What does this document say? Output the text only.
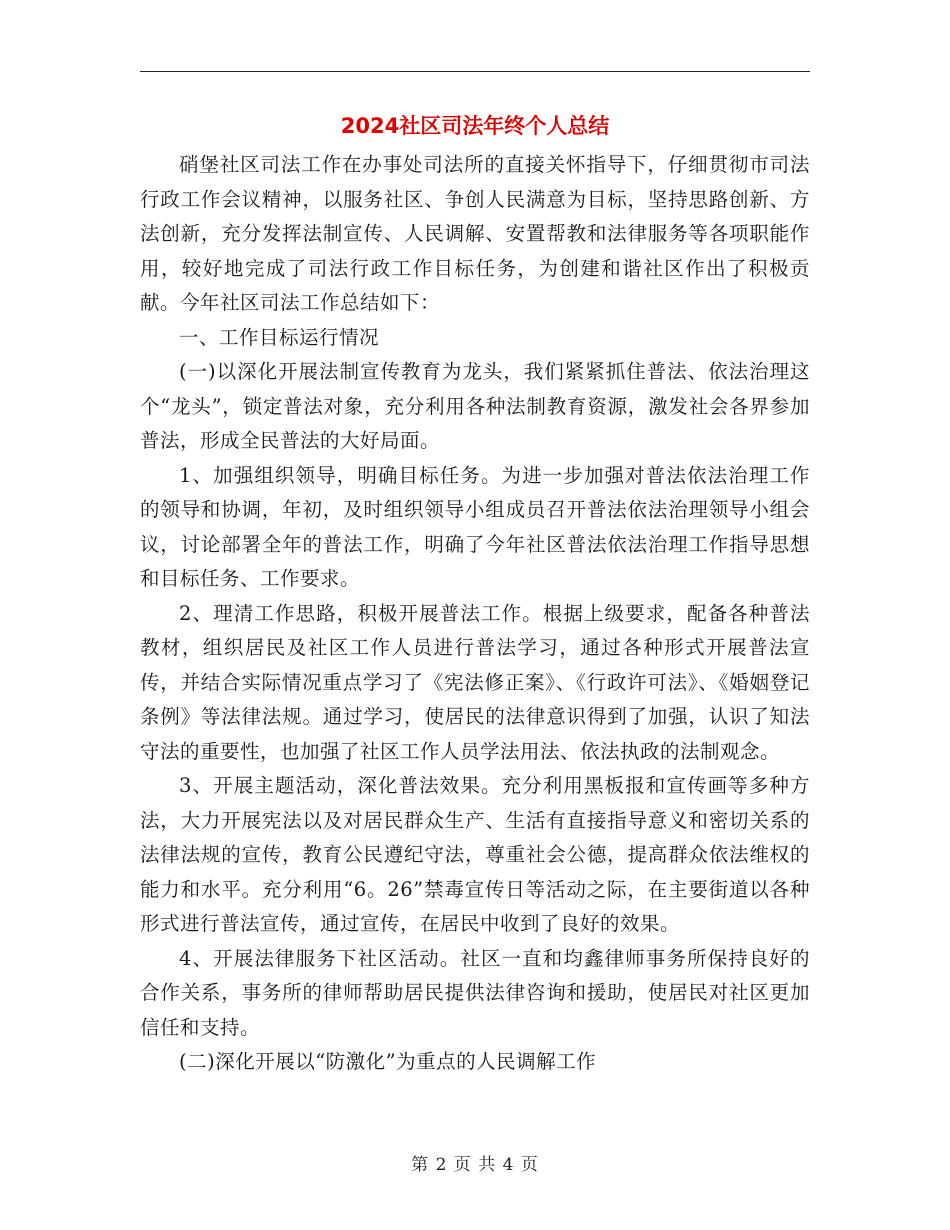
2024社区司法年终个人总结

硝堡社区司法工作在办事处司法所的直接关怀指导下，仔细贯彻市司法行政工作会议精神，以服务社区、争创人民满意为目标，坚持思路创新、方法创新，充分发挥法制宣传、人民调解、安置帮教和法律服务等各项职能作用，较好地完成了司法行政工作目标任务，为创建和谐社区作出了积极贡献。今年社区司法工作总结如下：

一、工作目标运行情况

(一)以深化开展法制宣传教育为龙头，我们紧紧抓住普法、依法治理这个“龙头”，锁定普法对象，充分利用各种法制教育资源，激发社会各界参加普法，形成全民普法的大好局面。

1、加强组织领导，明确目标任务。为进一步加强对普法依法治理工作的领导和协调，年初，及时组织领导小组成员召开普法依法治理领导小组会议，讨论部署全年的普法工作，明确了今年社区普法依法治理工作指导思想和目标任务、工作要求。

2、理清工作思路，积极开展普法工作。根据上级要求，配备各种普法教材，组织居民及社区工作人员进行普法学习，通过各种形式开展普法宣传，并结合实际情况重点学习了《宪法修正案》、《行政许可法》、《婚姻登记条例》等法律法规。通过学习，使居民的法律意识得到了加强，认识了知法守法的重要性，也加强了社区工作人员学法用法、依法执政的法制观念。

3、开展主题活动，深化普法效果。充分利用黑板报和宣传画等多种方法，大力开展宪法以及对居民群众生产、生活有直接指导意义和密切关系的法律法规的宣传，教育公民遵纪守法，尊重社会公德，提高群众依法维权的能力和水平。充分利用“6。26”禁毒宣传日等活动之际，在主要街道以各种形式进行普法宣传，通过宣传，在居民中收到了良好的效果。

4、开展法律服务下社区活动。社区一直和均鑫律师事务所保持良好的合作关系，事务所的律师帮助居民提供法律咨询和援助，使居民对社区更加信任和支持。

(二)深化开展以“防激化”为重点的人民调解工作

第 2 页 共 4 页
